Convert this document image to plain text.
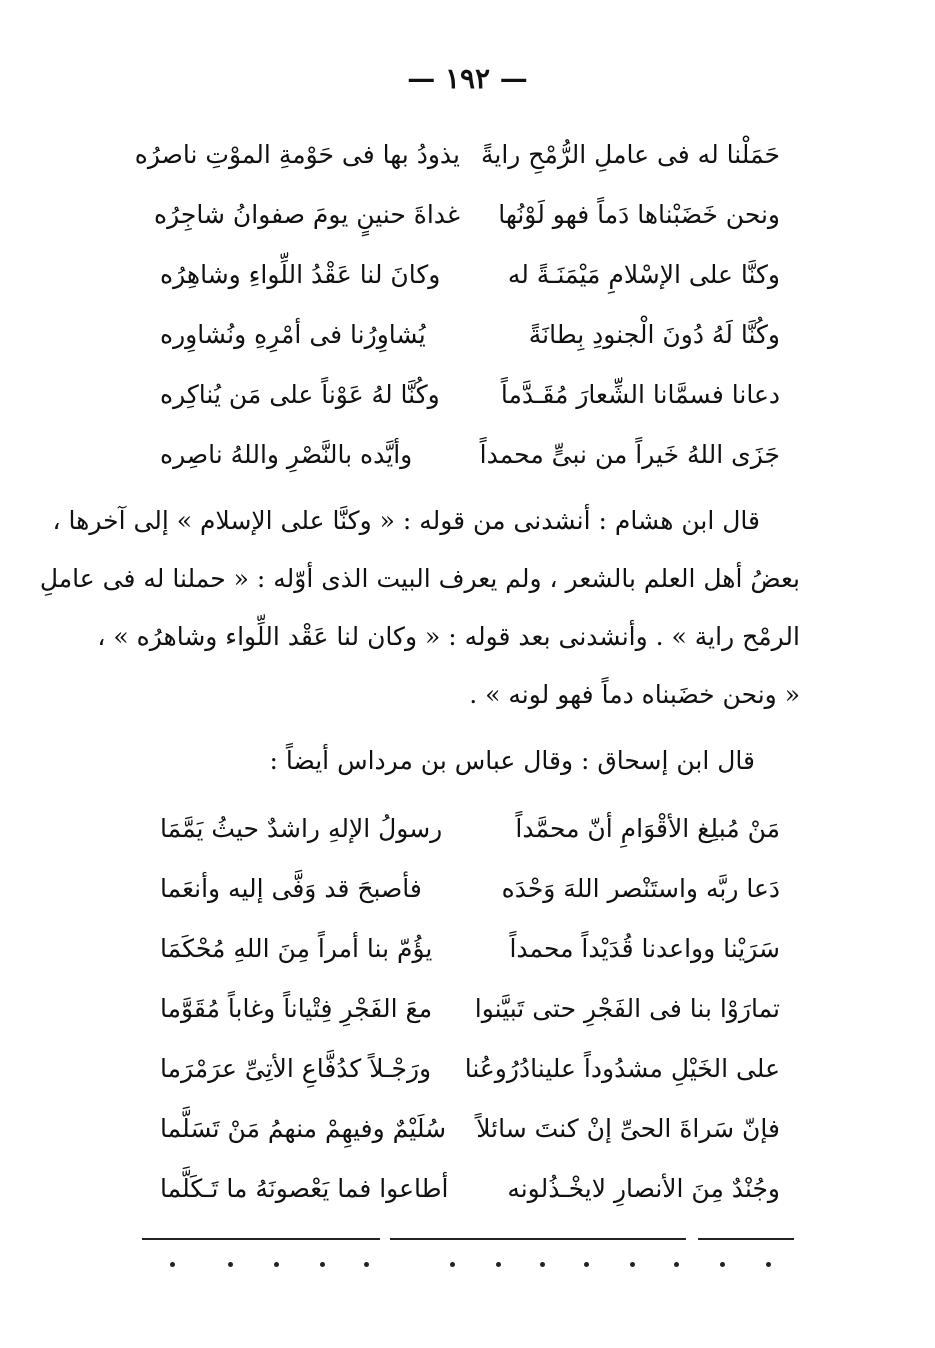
— ١٩٢ —
حَمَلْنا له فى عاملِ الرُّمْحِ رايةً
يذودُ بها فى حَوْمةِ الموْتِ ناصرُه
ونحن خَضَبْناها دَماً فهو لَوْنُها
غداةَ حنينٍ يومَ صفوانُ شاجِرُه
وكنَّا على الإسْلامِ مَيْمَنَـةً له
وكانَ لنا عَقْدُ اللِّواءِ وشاهِرُه
وكُنَّا لَهُ دُونَ الْجنودِ بِطانَةً
يُشاوِرُنا فى أمْرِهِ ونُشاوِره
دعانا فسمَّانا الشِّعارَ مُقَـدَّماً
وكُنَّا لهُ عَوْناً على مَن يُناكِره
جَزَى اللهُ خَيراً من نبىٍّ محمداً
وأيَّده بالنَّصْرِ واللهُ ناصِره
قال ابن هشام : أنشدنى من قوله : « وكنَّا على الإسلام » إلى آخرها ،
بعضُ أهل العلم بالشعر ، ولم يعرف البيت الذى أوّله : « حملنا له فى عاملِ
الرمْح راية » . وأنشدنى بعد قوله : « وكان لنا عَقْد اللِّواء وشاهرُه » ،
« ونحن خضَبناه دماً فهو لونه » .
قال ابن إسحاق : وقال عباس بن مرداس أيضاً :
مَنْ مُبلِغ الأقْوَامِ أنّ محمَّداً
رسولُ الإلهِ راشدٌ حيثُ يَمَّمَا
دَعا ربَّه واستَنْصر اللهَ وَحْدَه
فأصبحَ قد وَفَّى إليه وأنعَما
سَرَيْنا وواعدنا قُدَيْداً محمداً
يؤُمّ بنا أمراً مِنَ اللهِ مُحْكَمَا
تمارَوْا بنا فى الفَجْرِ حتى تَبيَّنوا
معَ الفَجْرِ فِتْياناً وغاباً مُقَوَّما
على الخَيْلِ مشدُوداً علينادُرُوعُنا
ورَجْـلاً كدُفَّاعِ الأتِىِّ عرَمْرَما
فإنّ سَراةَ الحىِّ إنْ كنتَ سائلاً
سُلَيْمٌ وفيهِمْ منهمُ مَنْ تَسَلَّما
وجُنْدٌ مِنَ الأنصارِ لايخْـذُلونه
أطاعوا فما يَعْصونَهُ ما تَـكَلَّما
